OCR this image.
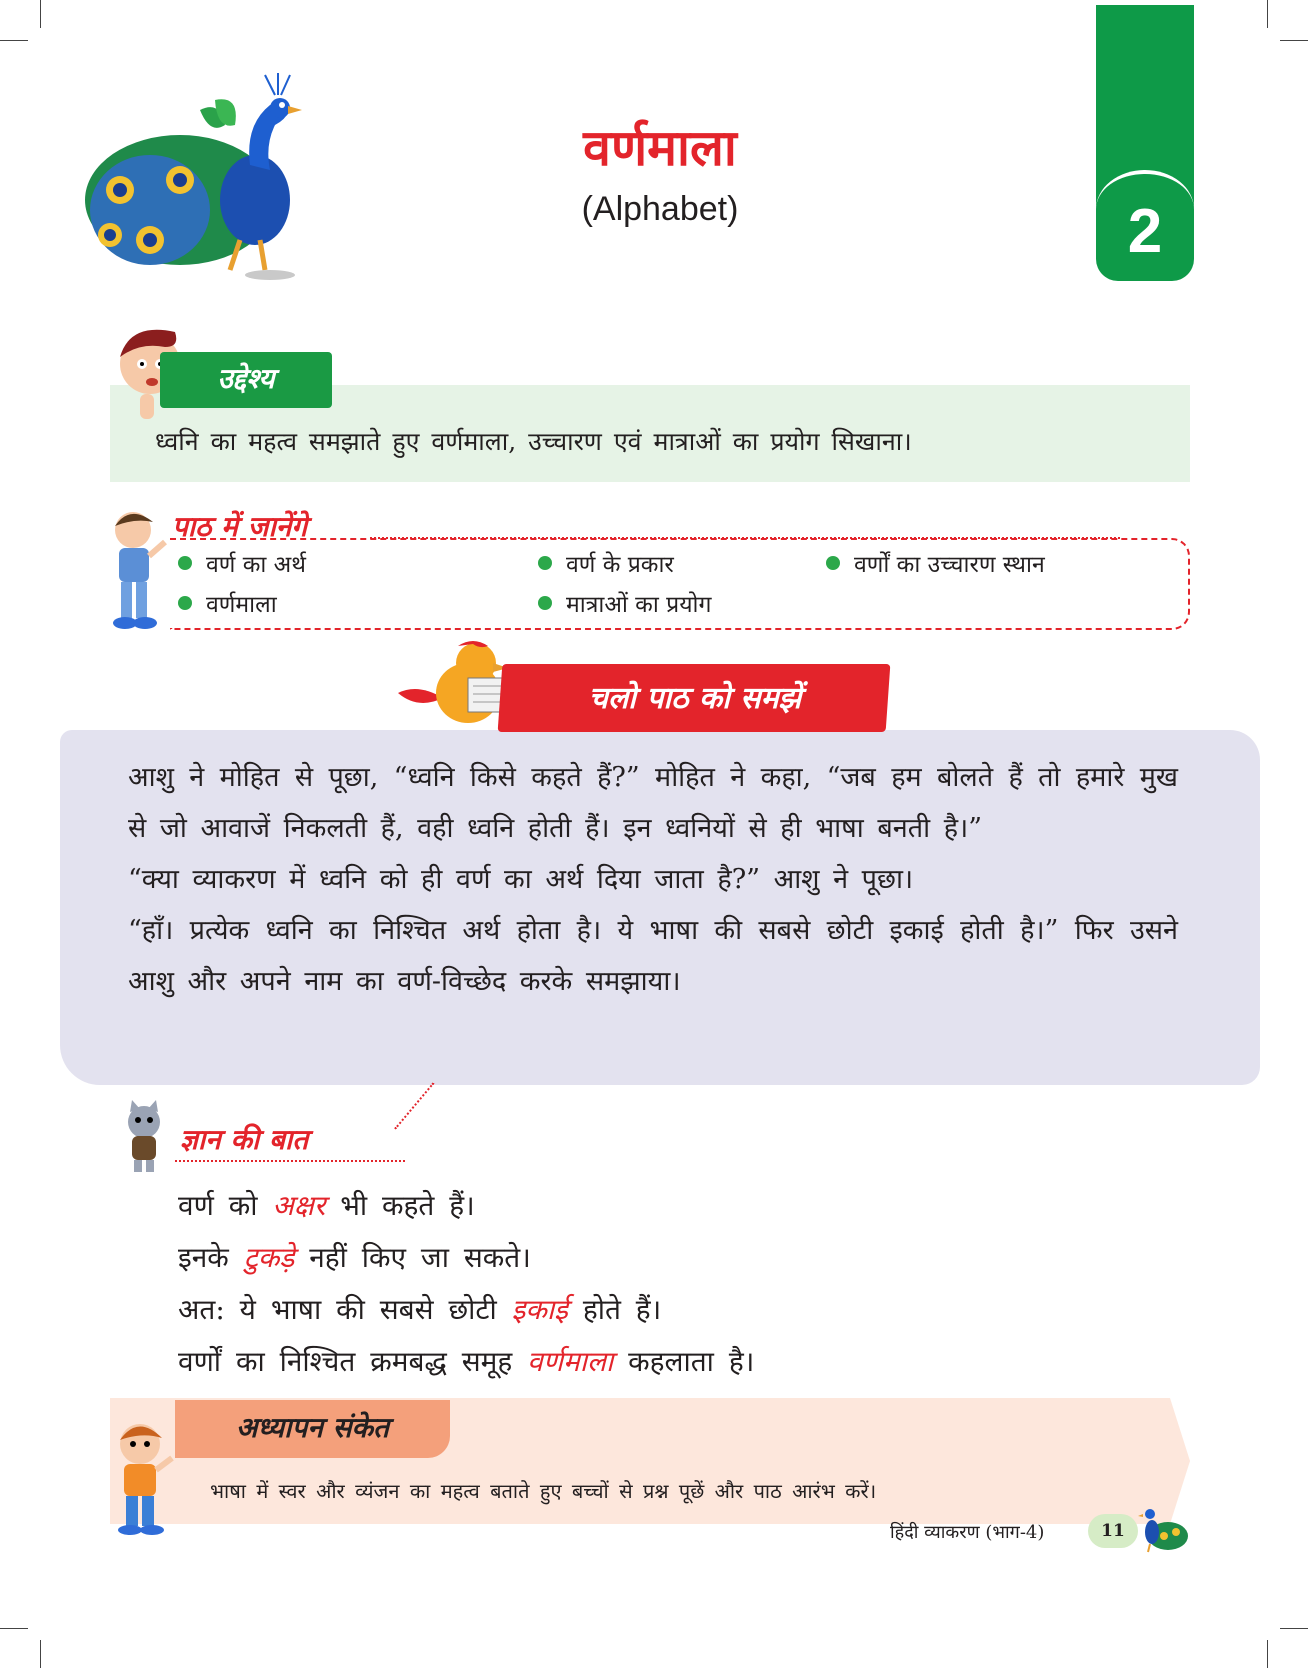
वर्णमाला
(Alphabet)	2
उद्देश्य
ध्वनि का महत्व समझाते हुए वर्णमाला, उच्चारण एवं मात्राओं का प्रयोग सिखाना।
पाठ में जानेंगे
वर्ण का अर्थ	वर्ण के प्रकार	वर्णों का उच्चारण स्थान
वर्णमाला	मात्राओं का प्रयोग
चलो पाठ को समझें

आशु ने मोहित से पूछा, “ध्वनि किसे कहते हैं?” मोहित ने कहा, “जब हम बोलते हैं तो हमारे मुख से जो आवाजें निकलती हैं, वही ध्वनि होती हैं। इन ध्वनियों से ही भाषा बनती है।”

“क्या व्याकरण में ध्वनि को ही वर्ण का अर्थ दिया जाता है?” आशु ने पूछा।

“हाँ। प्रत्येक ध्वनि का निश्चित अर्थ होता है। ये भाषा की सबसे छोटी इकाई होती है।” फिर उसने आशु और अपने नाम का वर्ण-विच्छेद करके समझाया।

ज्ञान की बात

वर्ण को अक्षर भी कहते हैं।

इनके टुकड़े नहीं किए जा सकते।

अत: ये भाषा की सबसे छोटी इकाई होते हैं।

वर्णों का निश्चित क्रमबद्ध समूह वर्णमाला कहलाता है।

अध्यापन संकेत
भाषा में स्वर और व्यंजन का महत्व बताते हुए बच्चों से प्रश्न पूछें और पाठ आरंभ करें।
हिंदी व्याकरण (भाग-4)	11
